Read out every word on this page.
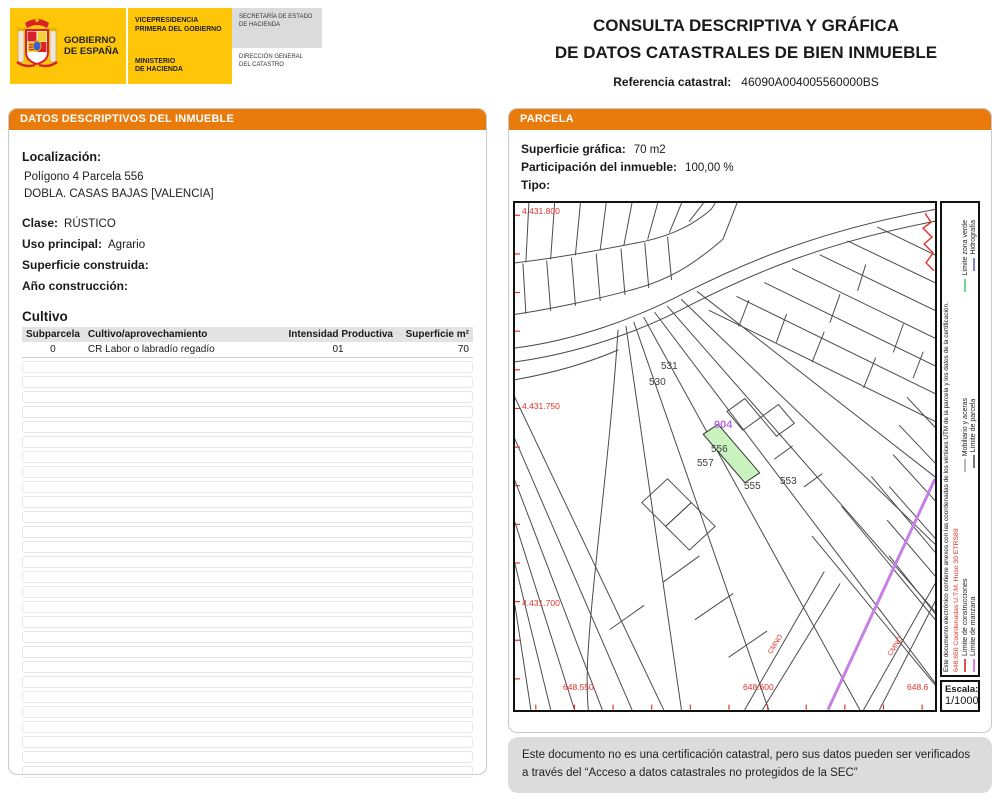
GOBIERNO
DE ESPAÑA
VICEPRESIDENCIA
PRIMERA DEL GOBIERNO
MINISTERIO
DE HACIENDA
SECRETARÍA DE ESTADO
DE HACIENDA
DIRECCIÓN GENERAL
DEL CATASTRO
CONSULTA DESCRIPTIVA Y GRÁFICA
DE DATOS CATASTRALES DE BIEN INMUEBLE
Referencia catastral: 46090A004005560000BS
DATOS DESCRIPTIVOS DEL INMUEBLE
Localización:
Polígono 4 Parcela 556
DOBLA. CASAS BAJAS [VALENCIA]
Clase: RÚSTICO
Uso principal: Agrario
Superficie construida:
Año construcción:
Cultivo
Subparcela	Cultivo/aprovechamiento	Intensidad Productiva	Superficie m²
0	CR Labor o labradío regadío	01	70
PARCELA
Superficie gráfica: 70 m2
Participación del inmueble: 100,00 %
Tipo:
4.431.800
4.431.750
4.431.700
648.550	648.600	648.6
531
530
004
556
557
555 553
CMNO	CMNO	Este documento electrónico contiene anexos con las coordenadas de los vértices UTM de la parcela y los datos de la certificación. 648.650 Coordenadas U.T.M. Huso 30 ETRS89 Límite de construcciones
Mobiliario y aceras
Límite zona verde
Límite de manzana
Límite de parcela
Hidrografía
Escala:
1/1000
Este documento no es una certificación catastral, pero sus datos pueden ser verificados a través del “Acceso a datos catastrales no protegidos de la SEC”
